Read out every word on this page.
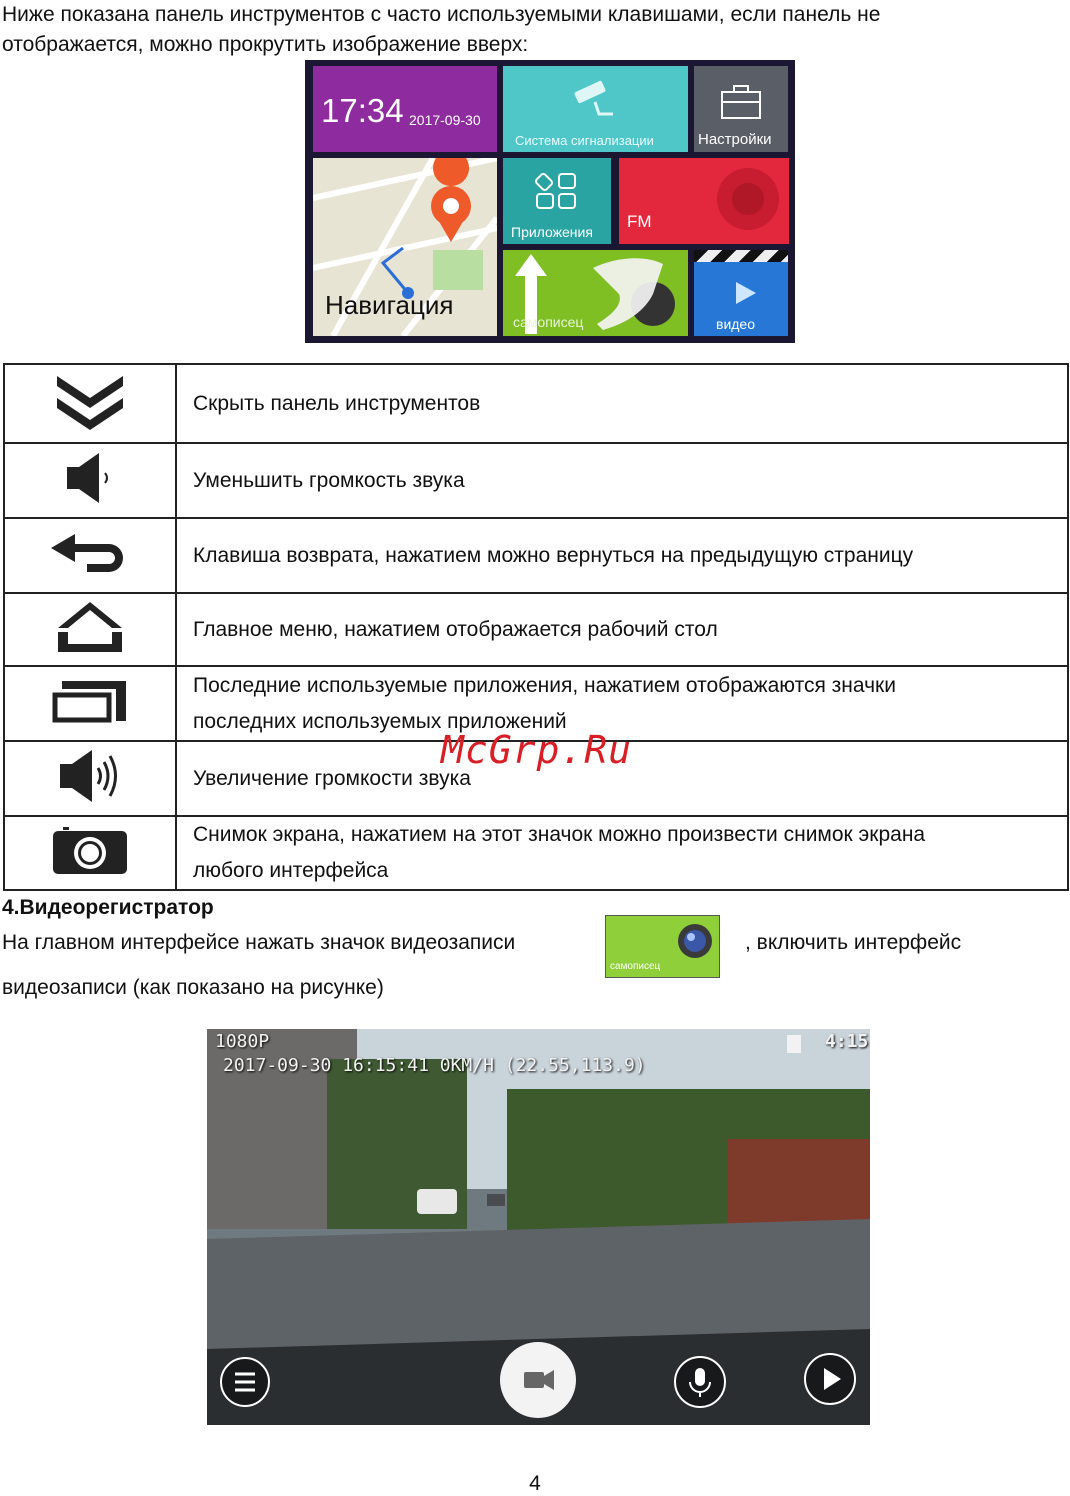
Ниже показана панель инструментов с часто используемыми клавишами, если панель не
отображается, можно прокрутить изображение вверх:

17:34 2017-09-30
Система сигнализации	Настройки
Навигация
Приложения
FM
самописец	видео
	Скрыть панель инструментов
	Уменьшить громкость звука
	Клавиша возврата, нажатием можно вернуться на предыдущую страницу
	Главное меню, нажатием отображается рабочий стол
	Последние используемые приложения, нажатием отображаются значки
последних используемых приложений
	Увеличение громкости звука
	Снимок экрана, нажатием на этот значок можно произвести снимок экрана
любого интерфейса
McGrp.Ru
4.Видеорегистратор
На главном интерфейсе нажать значок видеозаписи
самописец
, включить интерфейс
видеозаписи (как показано на рисунке)
1080P
2017-09-30 16:15:41 0KM/H (22.55,113.9)
4:15
4
